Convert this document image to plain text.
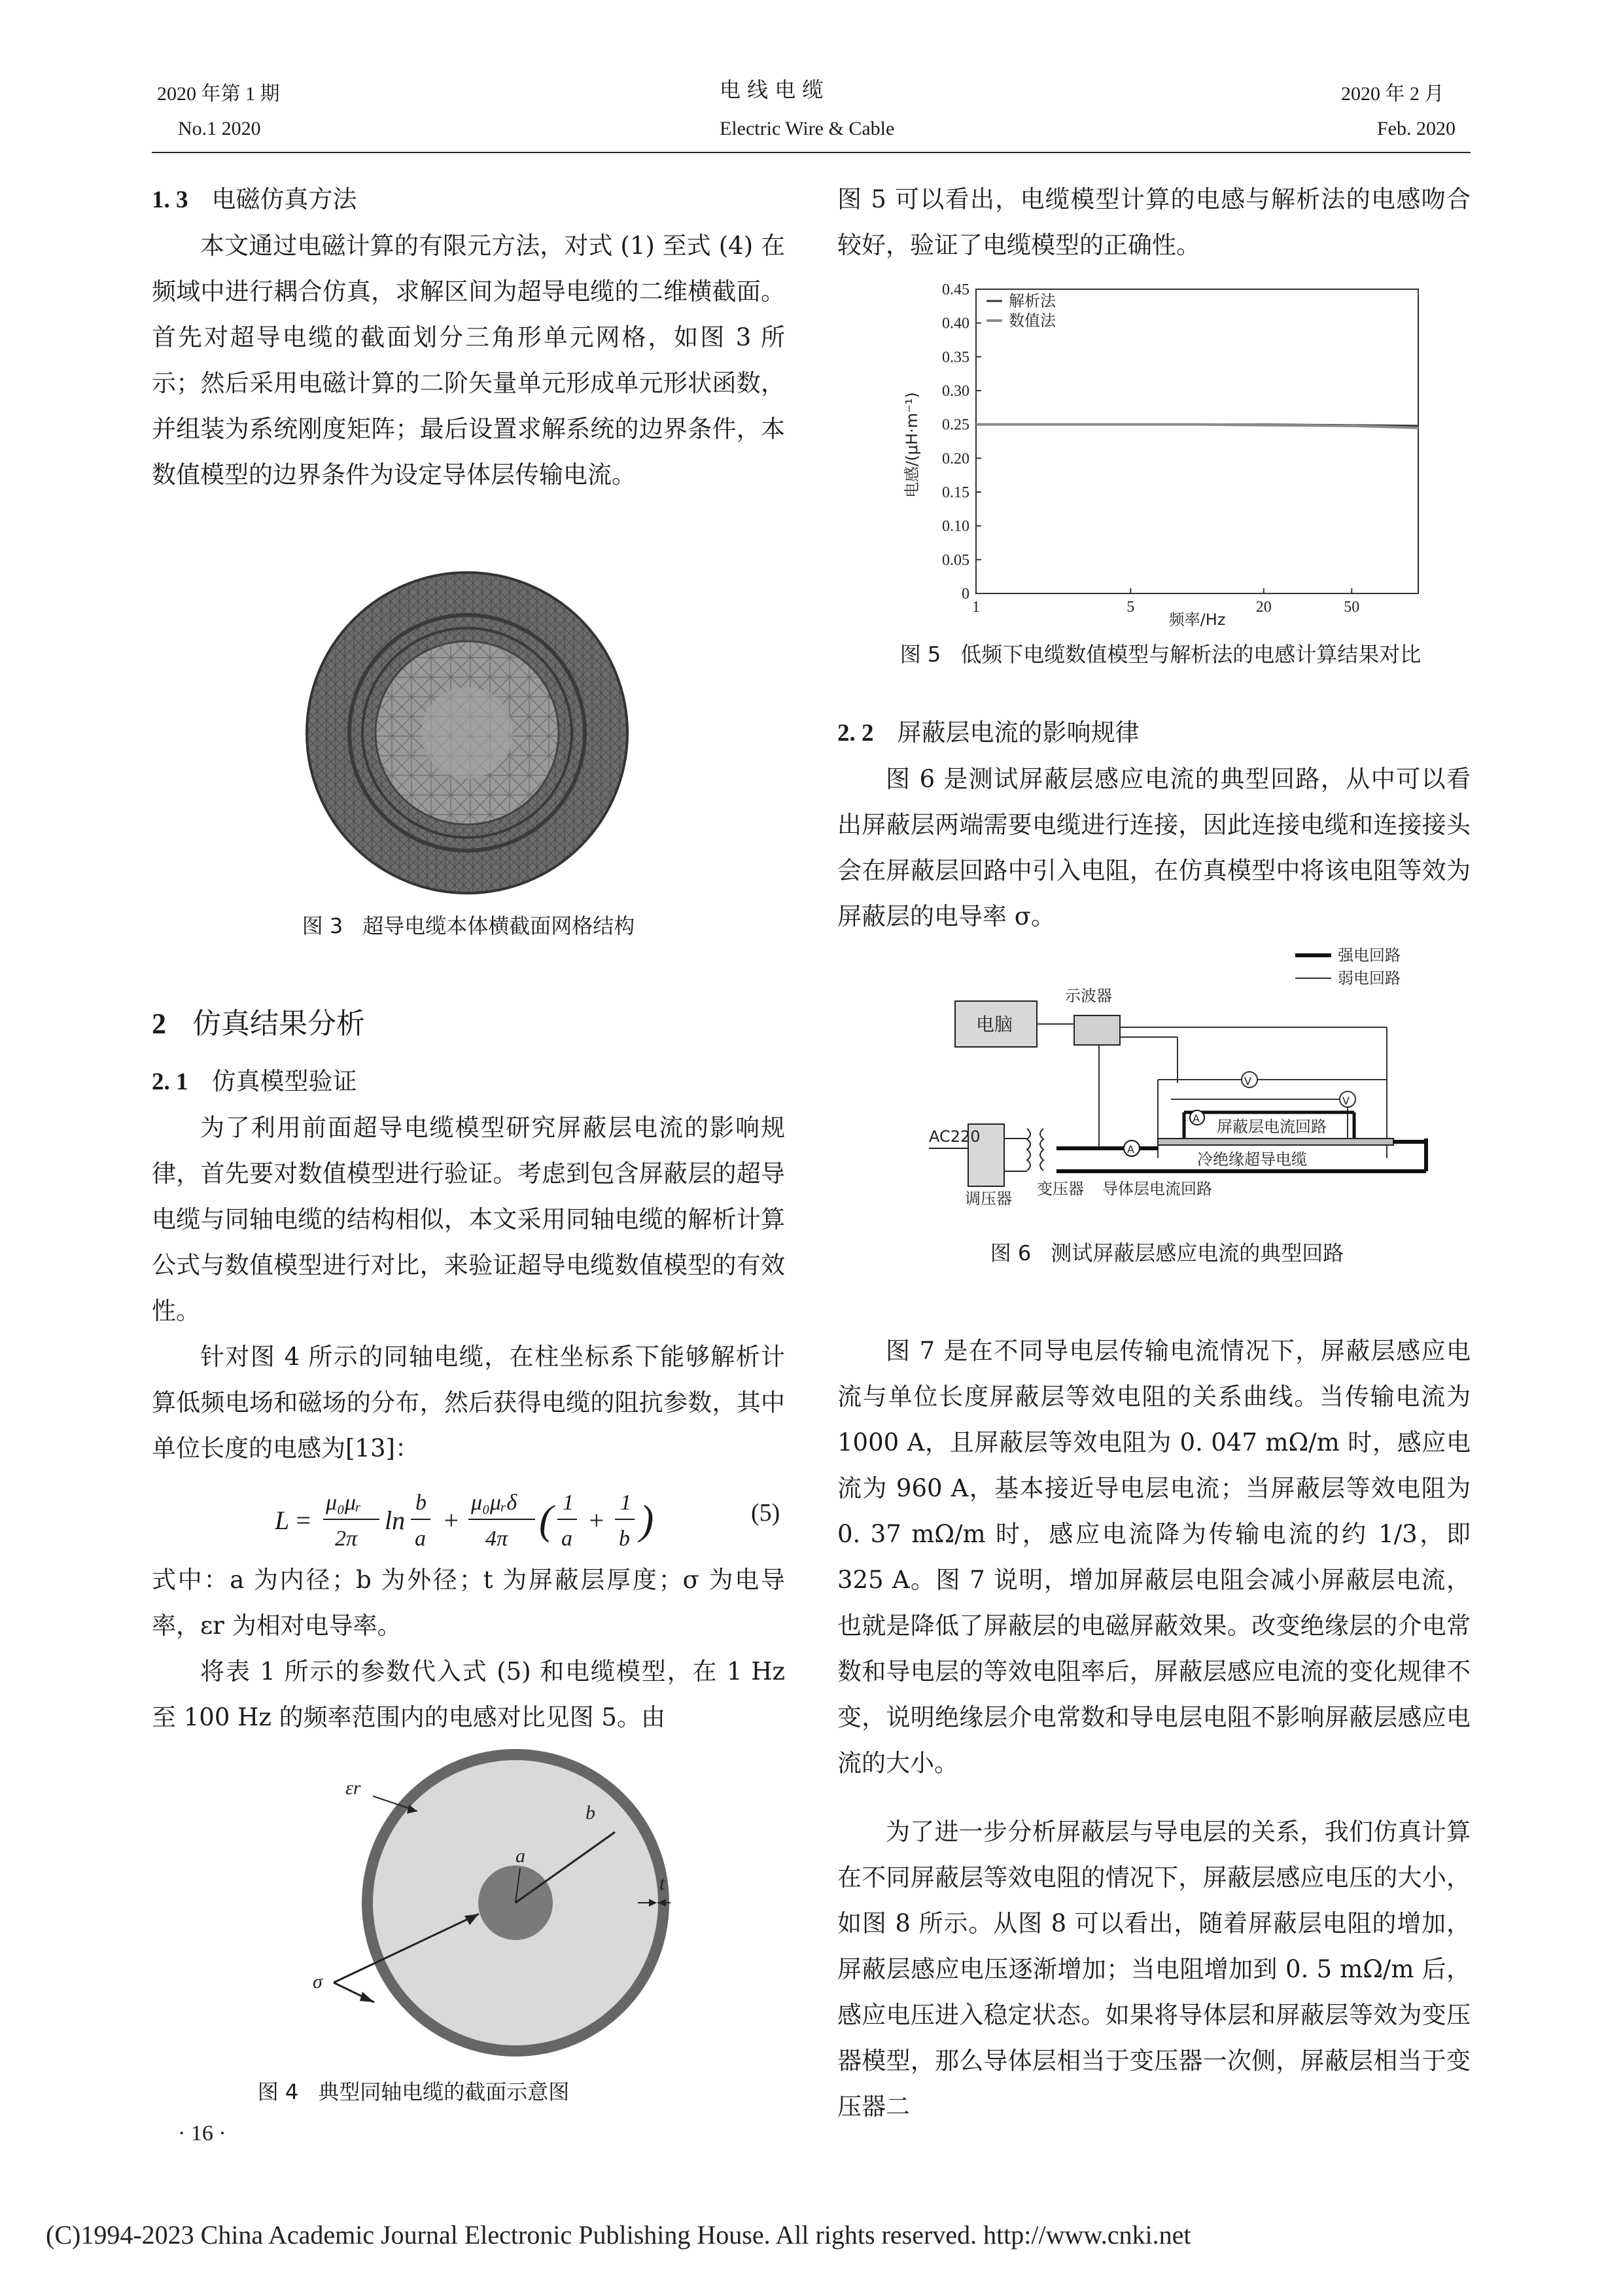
2020 年第 1 期
No.1 2020
电 线 电 缆
Electric Wire & Cable
2020 年 2 月
Feb. 2020
1. 3 电磁仿真方法

本文通过电磁计算的有限元方法，对式 (1) 至式 (4) 在频域中进行耦合仿真，求解区间为超导电缆的二维横截面。首先对超导电缆的截面划分三角形单元网格，如图 3 所示；然后采用电磁计算的二阶矢量单元形成单元形状函数，并组装为系统刚度矩阵；最后设置求解系统的边界条件，本数值模型的边界条件为设定导体层传输电流。

图 3 超导电缆本体横截面网格结构
2 仿真结果分析
2. 1 仿真模型验证

为了利用前面超导电缆模型研究屏蔽层电流的影响规律，首先要对数值模型进行验证。考虑到包含屏蔽层的超导电缆与同轴电缆的结构相似，本文采用同轴电缆的解析计算公式与数值模型进行对比，来验证超导电缆数值模型的有效性。

针对图 4 所示的同轴电缆，在柱坐标系下能够解析计算低频电场和磁场的分布，然后获得电缆的阻抗参数，其中单位长度的电感为[13]：

L =
μ₀μᵣ
2π
ln
b
a
+
μ₀μᵣδ
4π ( 1
a
+
1
b )	(5)

式中：a 为内径；b 为外径；t 为屏蔽层厚度；σ 为电导率，εr 为相对电导率。

将表 1 所示的参数代入式 (5) 和电缆模型，在 1 Hz 至 100 Hz 的频率范围内的电感对比见图 5。由

εr
a
b
t
σ
图 4 典型同轴电缆的截面示意图

图 5 可以看出，电缆模型计算的电感与解析法的电感吻合较好，验证了电缆模型的正确性。

0
0.05
0.10
0.15
0.20
0.25
0.30
0.35
0.40
0.45
1	5	20	50
解析法
数值法
电感/(μH·m⁻¹)
频率/Hz
图 5 低频下电缆数值模型与解析法的电感计算结果对比
2. 2 屏蔽层电流的影响规律

图 6 是测试屏蔽层感应电流的典型回路，从中可以看出屏蔽层两端需要电缆进行连接，因此连接电缆和连接接头会在屏蔽层回路中引入电阻，在仿真模型中将该电阻等效为屏蔽层的电导率 σ。

强电回路
弱电回路
电脑
示波器
V
V
A 屏蔽层电流回路
冷绝缘超导电缆
A
AC220
调压器
变压器 导体层电流回路
图 6 测试屏蔽层感应电流的典型回路

图 7 是在不同导电层传输电流情况下，屏蔽层感应电流与单位长度屏蔽层等效电阻的关系曲线。当传输电流为 1000 A，且屏蔽层等效电阻为 0. 047 mΩ/m 时，感应电流为 960 A，基本接近导电层电流；当屏蔽层等效电阻为 0. 37 mΩ/m 时，感应电流降为传输电流的约 1/3，即 325 A。图 7 说明，增加屏蔽层电阻会减小屏蔽层电流，也就是降低了屏蔽层的电磁屏蔽效果。改变绝缘层的介电常数和导电层的等效电阻率后，屏蔽层感应电流的变化规律不变，说明绝缘层介电常数和导电层电阻不影响屏蔽层感应电流的大小。

为了进一步分析屏蔽层与导电层的关系，我们仿真计算在不同屏蔽层等效电阻的情况下，屏蔽层感应电压的大小，如图 8 所示。从图 8 可以看出，随着屏蔽层电阻的增加，屏蔽层感应电压逐渐增加；当电阻增加到 0. 5 mΩ/m 后，感应电压进入稳定状态。如果将导体层和屏蔽层等效为变压器模型，那么导体层相当于变压器一次侧，屏蔽层相当于变压器二

· 16 ·
(C)1994-2023 China Academic Journal Electronic Publishing House. All rights reserved. http://www.cnki.net
